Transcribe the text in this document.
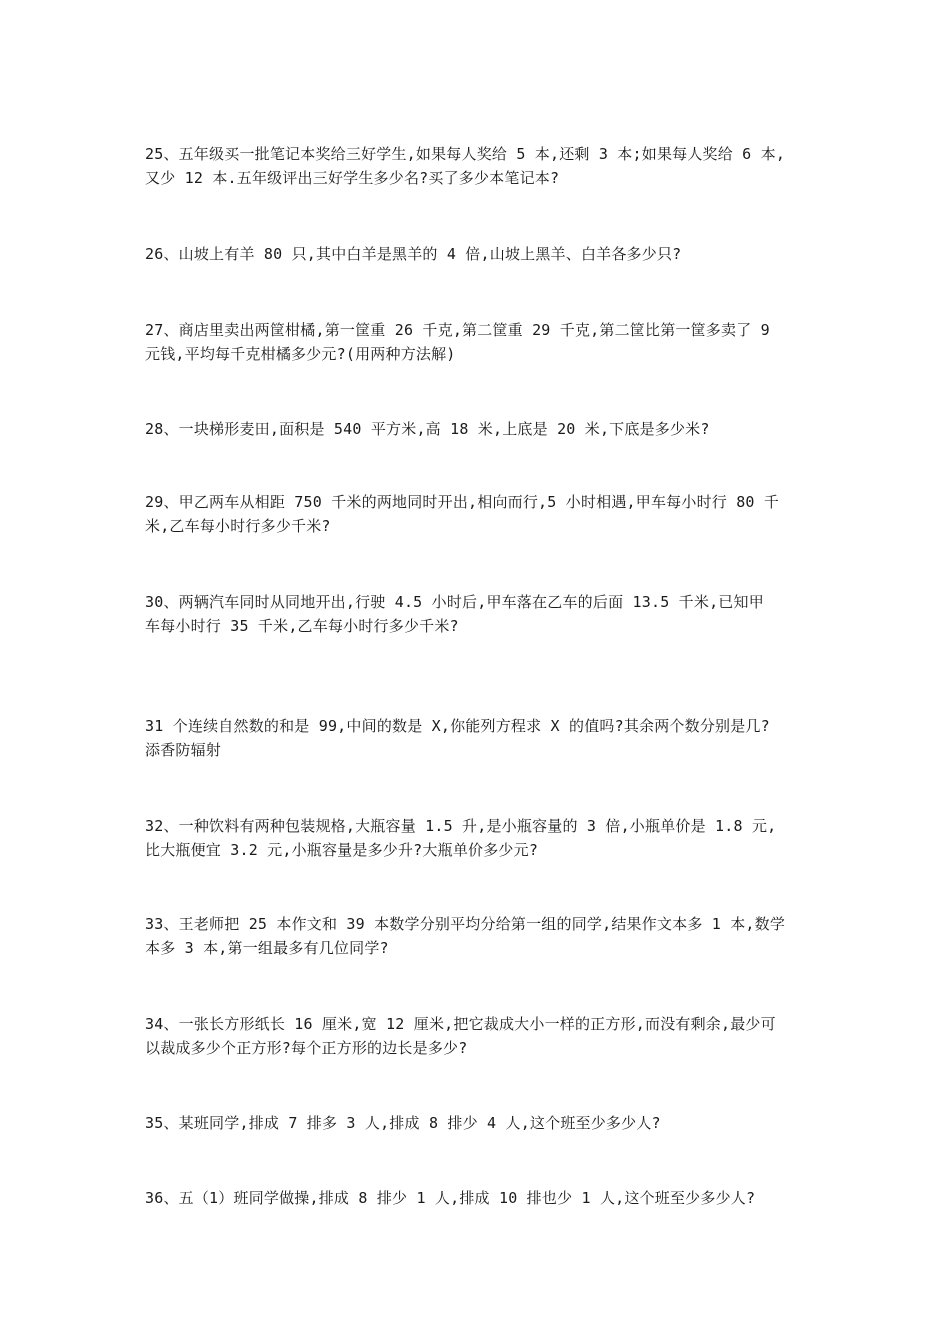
25、五年级买一批笔记本奖给三好学生,如果每人奖给 5 本,还剩 3 本;如果每人奖给 6 本,
又少 12 本.五年级评出三好学生多少名?买了多少本笔记本?
26、山坡上有羊 80 只,其中白羊是黑羊的 4 倍,山坡上黑羊、白羊各多少只?
27、商店里卖出两筐柑橘,第一筐重 26 千克,第二筐重 29 千克,第二筐比第一筐多卖了 9
元钱,平均每千克柑橘多少元?(用两种方法解)
28、一块梯形麦田,面积是 540 平方米,高 18 米,上底是 20 米,下底是多少米?
29、甲乙两车从相距 750 千米的两地同时开出,相向而行,5 小时相遇,甲车每小时行 80 千
米,乙车每小时行多少千米?
30、两辆汽车同时从同地开出,行驶 4.5 小时后,甲车落在乙车的后面 13.5 千米,已知甲
车每小时行 35 千米,乙车每小时行多少千米?
31 个连续自然数的和是 99,中间的数是 X,你能列方程求 X 的值吗?其余两个数分别是几?
添香防辐射
32、一种饮料有两种包装规格,大瓶容量 1.5 升,是小瓶容量的 3 倍,小瓶单价是 1.8 元,
比大瓶便宜 3.2 元,小瓶容量是多少升?大瓶单价多少元?
33、王老师把 25 本作文和 39 本数学分别平均分给第一组的同学,结果作文本多 1 本,数学
本多 3 本,第一组最多有几位同学?
34、一张长方形纸长 16 厘米,宽 12 厘米,把它裁成大小一样的正方形,而没有剩余,最少可
以裁成多少个正方形?每个正方形的边长是多少?
35、某班同学,排成 7 排多 3 人,排成 8 排少 4 人,这个班至少多少人?
36、五（1）班同学做操,排成 8 排少 1 人,排成 10 排也少 1 人,这个班至少多少人?
